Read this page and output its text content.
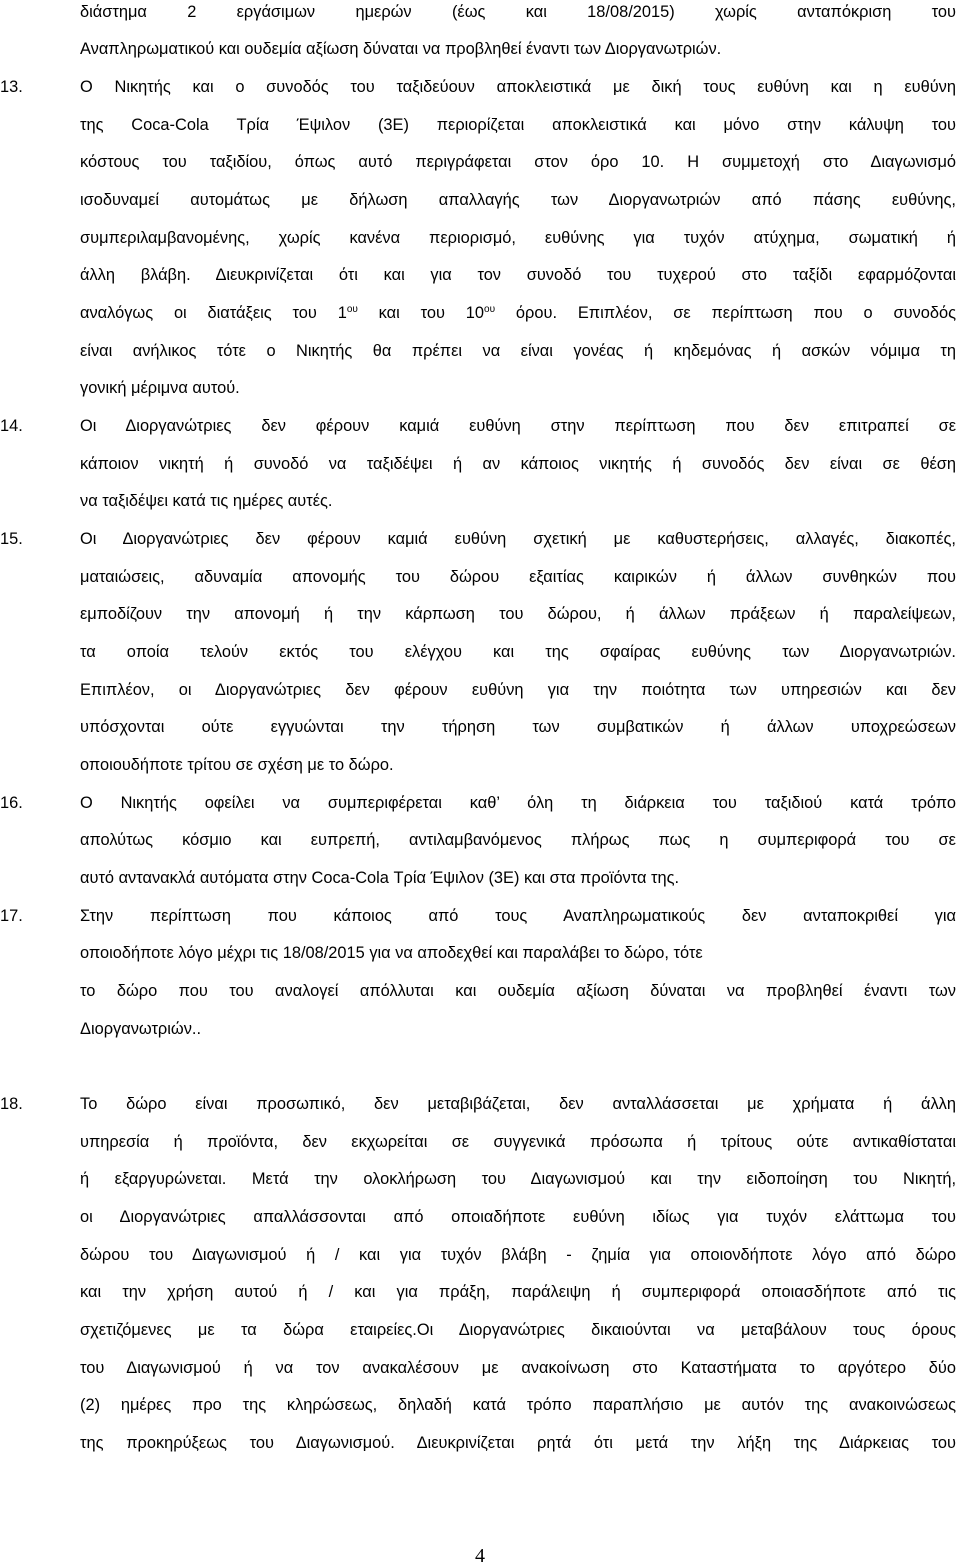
διάστημα 2 εργάσιμων ημερών (έως και 18/08/2015) χωρίς ανταπόκριση του
Αναπληρωματικού και ουδεμία αξίωση δύναται να προβληθεί έναντι των Διοργανωτριών.
13.	Ο Νικητής και ο συνοδός του ταξιδεύουν αποκλειστικά με δική τους ευθύνη και η ευθύνη
της Coca-Cola Τρία Έψιλον (3Ε) περιορίζεται αποκλειστικά και μόνο στην κάλυψη του
κόστους του ταξιδίου, όπως αυτό περιγράφεται στον όρο 10. Η συμμετοχή στο Διαγωνισμό
ισοδυναμεί αυτομάτως με δήλωση απαλλαγής των Διοργανωτριών από πάσης ευθύνης,
συμπεριλαμβανομένης, χωρίς κανένα περιορισμό, ευθύνης για τυχόν ατύχημα, σωματική ή
άλλη βλάβη. Διευκρινίζεται ότι και για τον συνοδό του τυχερού στο ταξίδι εφαρμόζονται
αναλόγως οι διατάξεις του $1^{o\upsilon}$ και του $10^{o\upsilon}$ όρου. Επιπλέον, σε περίπτωση που ο συνοδός
είναι ανήλικος τότε ο Νικητής θα πρέπει να είναι γονέας ή κηδεμόνας ή ασκών νόμιμα τη
γονική μέριμνα αυτού.
14.	Οι Διοργανώτριες δεν φέρουν καμιά ευθύνη στην περίπτωση που δεν επιτραπεί σε
κάποιον νικητή ή συνοδό να ταξιδέψει ή αν κάποιος νικητής ή συνοδός δεν είναι σε θέση
να ταξιδέψει κατά τις ημέρες αυτές.
15.	Οι Διοργανώτριες δεν φέρουν καμιά ευθύνη σχετική με καθυστερήσεις, αλλαγές, διακοπές,
ματαιώσεις, αδυναμία απονομής του δώρου εξαιτίας καιρικών ή άλλων συνθηκών που
εμποδίζουν την απονομή ή την κάρπωση του δώρου, ή άλλων πράξεων ή παραλείψεων,
τα οποία τελούν εκτός του ελέγχου και της σφαίρας ευθύνης των Διοργανωτριών.
Επιπλέον, οι Διοργανώτριες δεν φέρουν ευθύνη για την ποιότητα των υπηρεσιών και δεν
υπόσχονται ούτε εγγυώνται την τήρηση των συμβατικών ή άλλων υποχρεώσεων
οποιουδήποτε τρίτου σε σχέση με το δώρο.
16.	Ο Νικητής οφείλει να συμπεριφέρεται καθ’ όλη τη διάρκεια του ταξιδιού κατά τρόπο
απολύτως κόσμιο και ευπρεπή, αντιλαμβανόμενος πλήρως πως η συμπεριφορά του σε
αυτό αντανακλά αυτόματα στην Coca-Cola Τρία Έψιλον (3Ε) και στα προϊόντα της.
17.	Στην περίπτωση που κάποιος από τους Αναπληρωματικούς δεν ανταποκριθεί για
οποιοδήποτε λόγο μέχρι τις 18/08/2015 για να αποδεχθεί και παραλάβει το δώρο, τότε
το δώρο που του αναλογεί απόλλυται και ουδεμία αξίωση δύναται να προβληθεί έναντι των
Διοργανωτριών..
18.	Το δώρο είναι προσωπικό, δεν μεταβιβάζεται, δεν ανταλλάσσεται με χρήματα ή άλλη
υπηρεσία ή προϊόντα, δεν εκχωρείται σε συγγενικά πρόσωπα ή τρίτους ούτε αντικαθίσταται
ή εξαργυρώνεται. Μετά την ολοκλήρωση του Διαγωνισμού και την ειδοποίηση του Νικητή,
οι Διοργανώτριες απαλλάσσονται από οποιαδήποτε ευθύνη ιδίως για τυχόν ελάττωμα του
δώρου του Διαγωνισμού ή / και για τυχόν βλάβη - ζημία για οποιονδήποτε λόγο από δώρο
και την χρήση αυτού ή / και για πράξη, παράλειψη ή συμπεριφορά οποιασδήποτε από τις
σχετιζόμενες με τα δώρα εταιρείες.Οι Διοργανώτριες δικαιούνται να μεταβάλουν τους όρους
του Διαγωνισμού ή να τον ανακαλέσουν με ανακοίνωση στο Καταστήματα το αργότερο δύο
(2) ημέρες προ της κληρώσεως, δηλαδή κατά τρόπο παραπλήσιο με αυτόν της ανακοινώσεως
της προκηρύξεως του Διαγωνισμού. Διευκρινίζεται ρητά ότι μετά την λήξη της Διάρκειας του
4
